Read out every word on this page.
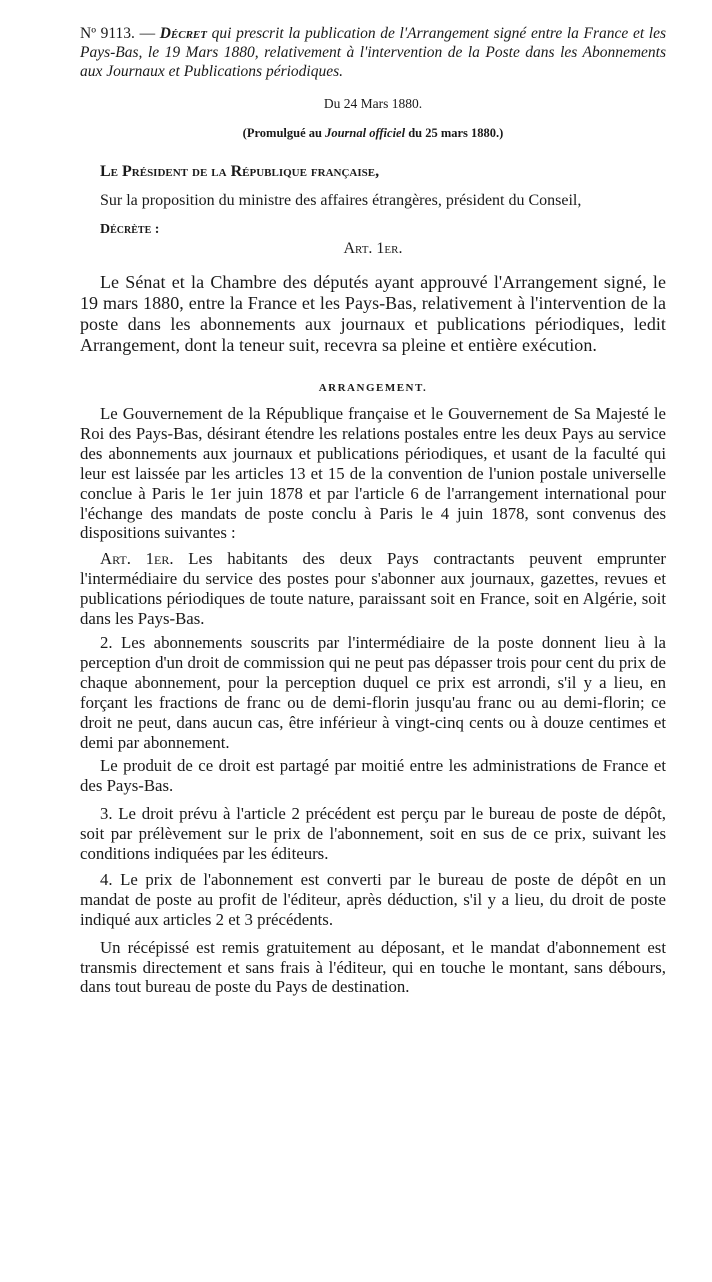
Nº 9113. — Décret qui prescrit la publication de l'Arrangement signé entre la France et les Pays-Bas, le 19 Mars 1880, relativement à l'intervention de la Poste dans les Abonnements aux Journaux et Publications périodiques.

Du 24 Mars 1880.

(Promulgué au Journal officiel du 25 mars 1880.)

Le Président de la République française,

Sur la proposition du ministre des affaires étrangères, président du Conseil,

Décrète :

Art. 1er.

Le Sénat et la Chambre des députés ayant approuvé l'Arrangement signé, le 19 mars 1880, entre la France et les Pays-Bas, relativement à l'intervention de la poste dans les abonnements aux journaux et publications périodiques, ledit Arrangement, dont la teneur suit, recevra sa pleine et entière exécution.

ARRANGEMENT.

Le Gouvernement de la République française et le Gouvernement de Sa Majesté le Roi des Pays-Bas, désirant étendre les relations postales entre les deux Pays au service des abonnements aux journaux et publications périodiques, et usant de la faculté qui leur est laissée par les articles 13 et 15 de la convention de l'union postale universelle conclue à Paris le 1er juin 1878 et par l'article 6 de l'arrangement international pour l'échange des mandats de poste conclu à Paris le 4 juin 1878, sont convenus des dispositions suivantes :

Art. 1er. Les habitants des deux Pays contractants peuvent emprunter l'intermédiaire du service des postes pour s'abonner aux journaux, gazettes, revues et publications périodiques de toute nature, paraissant soit en France, soit en Algérie, soit dans les Pays-Bas.

2. Les abonnements souscrits par l'intermédiaire de la poste donnent lieu à la perception d'un droit de commission qui ne peut pas dépasser trois pour cent du prix de chaque abonnement, pour la perception duquel ce prix est arrondi, s'il y a lieu, en forçant les fractions de franc ou de demi-florin jusqu'au franc ou au demi-florin; ce droit ne peut, dans aucun cas, être inférieur à vingt-cinq cents ou à douze centimes et demi par abonnement.

Le produit de ce droit est partagé par moitié entre les administrations de France et des Pays-Bas.

3. Le droit prévu à l'article 2 précédent est perçu par le bureau de poste de dépôt, soit par prélèvement sur le prix de l'abonnement, soit en sus de ce prix, suivant les conditions indiquées par les éditeurs.

4. Le prix de l'abonnement est converti par le bureau de poste de dépôt en un mandat de poste au profit de l'éditeur, après déduction, s'il y a lieu, du droit de poste indiqué aux articles 2 et 3 précédents.

Un récépissé est remis gratuitement au déposant, et le mandat d'abonnement est transmis directement et sans frais à l'éditeur, qui en touche le montant, sans débours, dans tout bureau de poste du Pays de destination.
